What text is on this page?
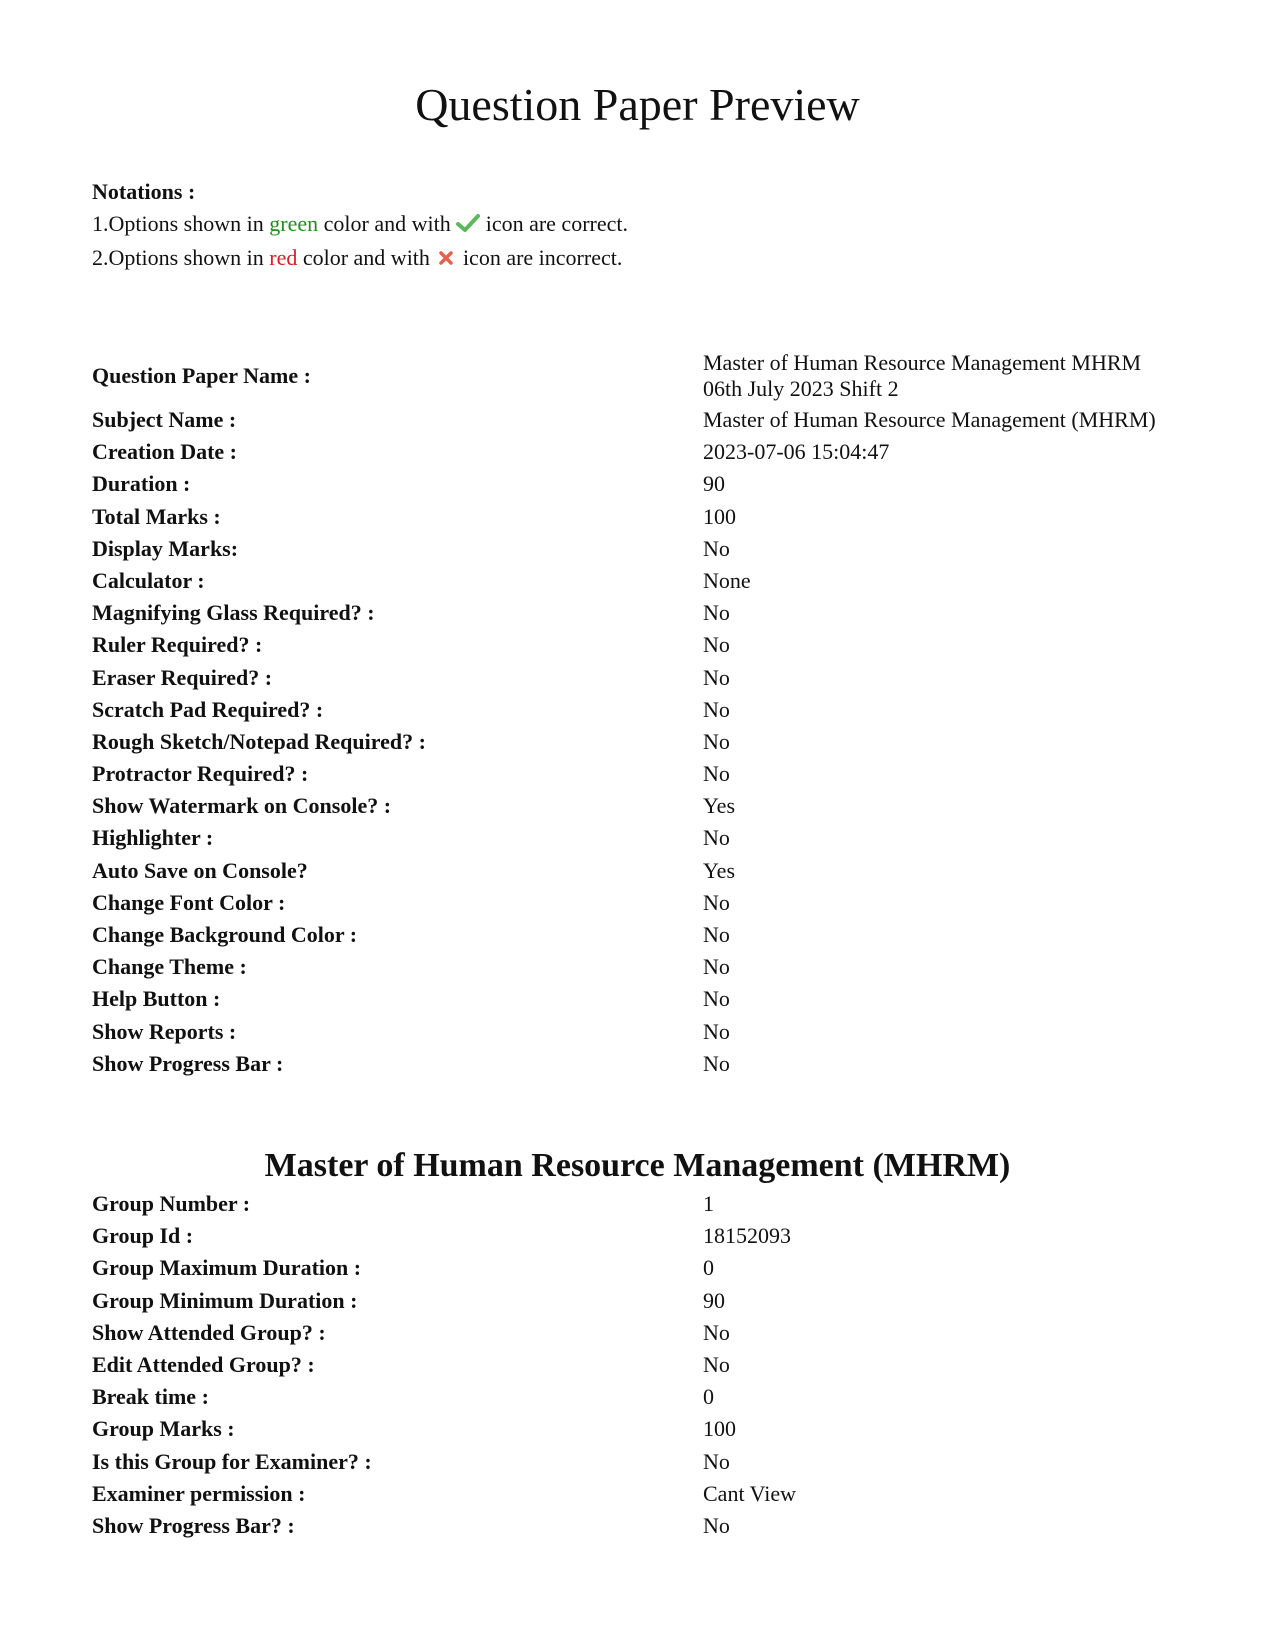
Question Paper Preview
Notations :
1.Options shown in green color and with  icon are correct.
2.Options shown in red color and with  icon are incorrect.
Question Paper Name :	Master of Human Resource Management MHRM
06th July 2023 Shift 2

Subject Name :	Master of Human Resource Management (MHRM)
Creation Date :	2023-07-06 15:04:47
Duration :	90
Total Marks :	100
Display Marks:	No
Calculator :	None
Magnifying Glass Required? :	No
Ruler Required? :	No
Eraser Required? :	No
Scratch Pad Required? :	No
Rough Sketch/Notepad Required? :	No
Protractor Required? :	No
Show Watermark on Console? :	Yes
Highlighter :	No
Auto Save on Console?	Yes
Change Font Color :	No
Change Background Color :	No
Change Theme :	No
Help Button :	No
Show Reports :	No
Show Progress Bar :	No
Master of Human Resource Management (MHRM)
Group Number :	1
Group Id :	18152093
Group Maximum Duration :	0
Group Minimum Duration :	90
Show Attended Group? :	No
Edit Attended Group? :	No
Break time :	0
Group Marks :	100
Is this Group for Examiner? :	No
Examiner permission :	Cant View
Show Progress Bar? :	No
